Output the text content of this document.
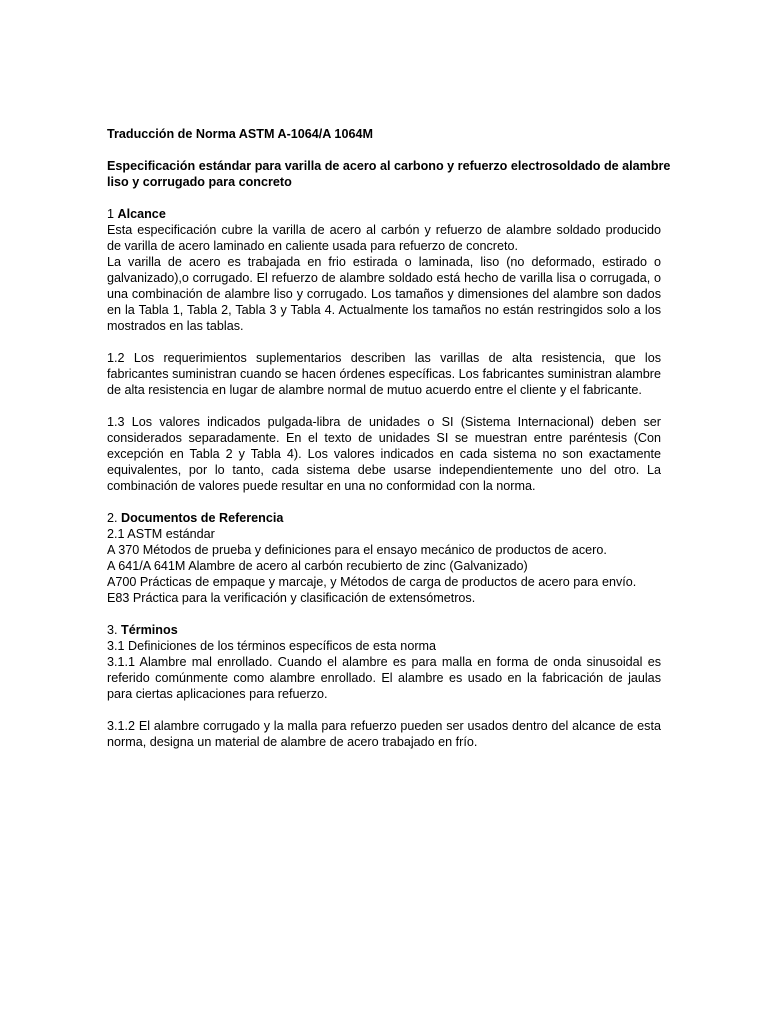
Traducción de Norma ASTM A-1064/A 1064M
Especificación estándar para varilla de acero al carbono y refuerzo electrosoldado de alambre
liso y corrugado para concreto
1 Alcance
Esta especificación cubre la varilla de acero al carbón y refuerzo de alambre soldado producido
de varilla de acero laminado en caliente usada para refuerzo de concreto.
La varilla de acero es trabajada en frio estirada o laminada, liso (no deformado, estirado o
galvanizado),o corrugado. El refuerzo de alambre soldado está hecho de varilla lisa o corrugada, o
una combinación de alambre liso y corrugado. Los tamaños y dimensiones del alambre son dados
en la Tabla 1, Tabla 2, Tabla 3 y Tabla 4. Actualmente los tamaños no están restringidos solo a los
mostrados en las tablas.
1.2 Los requerimientos suplementarios describen las varillas de alta resistencia, que los
fabricantes suministran cuando se hacen órdenes específicas. Los fabricantes suministran alambre
de alta resistencia en lugar de alambre normal de mutuo acuerdo entre el cliente y el fabricante.
1.3 Los valores indicados pulgada-libra de unidades o SI (Sistema Internacional) deben ser
considerados separadamente. En el texto de unidades SI se muestran entre paréntesis (Con
excepción en Tabla 2 y Tabla 4). Los valores indicados en cada sistema no son exactamente
equivalentes, por lo tanto, cada sistema debe usarse independientemente uno del otro. La
combinación de valores puede resultar en una no conformidad con la norma.
2. Documentos de Referencia
2.1 ASTM estándar
A 370 Métodos de prueba y definiciones para el ensayo mecánico de productos de acero.
A 641/A 641M Alambre de acero al carbón recubierto de zinc (Galvanizado)
A700 Prácticas de empaque y marcaje, y Métodos de carga de productos de acero para envío.
E83 Práctica para la verificación y clasificación de extensómetros.
3. Términos
3.1 Definiciones de los términos específicos de esta norma
3.1.1 Alambre mal enrollado. Cuando el alambre es para malla en forma de onda sinusoidal es
referido comúnmente como alambre enrollado. El alambre es usado en la fabricación de jaulas
para ciertas aplicaciones para refuerzo.
3.1.2 El alambre corrugado y la malla para refuerzo pueden ser usados dentro del alcance de esta
norma, designa un material de alambre de acero trabajado en frío.
